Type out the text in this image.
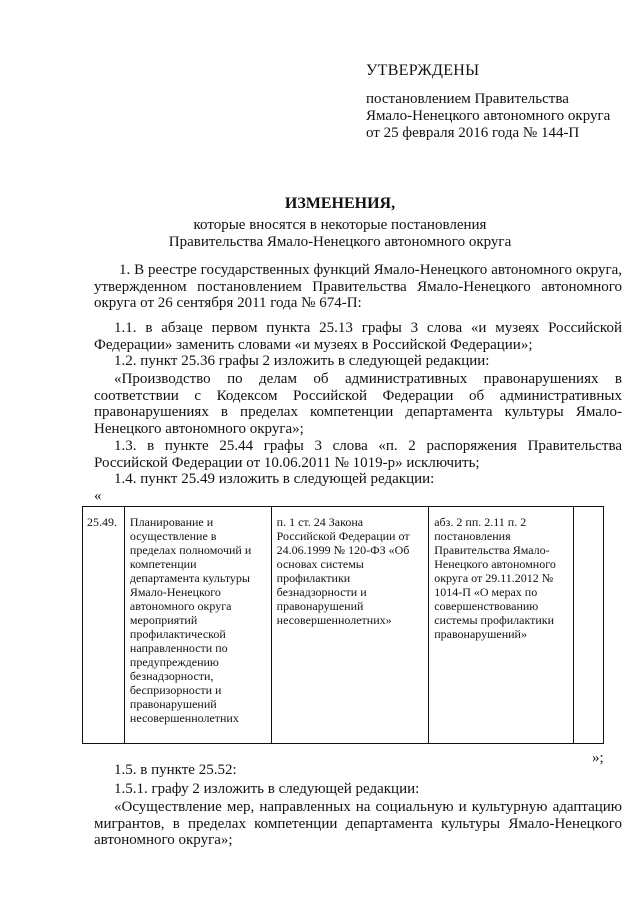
УТВЕРЖДЕНЫ
постановлением Правительства
Ямало-Ненецкого автономного округа
от 25 февраля 2016 года № 144-П
ИЗМЕНЕНИЯ,
которые вносятся в некоторые постановления
Правительства Ямало-Ненецкого автономного округа
1. В реестре государственных функций Ямало-Ненецкого автономного округа, утвержденном постановлением Правительства Ямало-Ненецкого автономного округа от 26 сентября 2011 года № 674-П:
1.1. в абзаце первом пункта 25.13 графы 3 слова «и музеях Российской Федерации» заменить словами «и музеях в Российской Федерации»;
1.2. пункт 25.36 графы 2 изложить в следующей редакции:
«Производство по делам об административных правонарушениях в соответствии с Кодексом Российской Федерации об административных правонарушениях в пределах компетенции департамента культуры Ямало-Ненецкого автономного округа»;
1.3. в пункте 25.44 графы 3 слова «п. 2 распоряжения Правительства Российской Федерации от 10.06.2011 № 1019-р» исключить;
1.4. пункт 25.49 изложить в следующей редакции:
«
25.49.	Планирование и осуществление в пределах полномочий и компетенции департамента культуры Ямало-Ненецкого автономного округа мероприятий профилактической направленности по предупреждению безнадзорности, беспризорности и правонарушений несовершеннолетних	п. 1 ст. 24 Закона Российской Федерации от 24.06.1999 № 120-ФЗ «Об основах системы профилактики безнадзорности и правонарушений несовершеннолетних»	абз. 2 пп. 2.11 п. 2 постановления Правительства Ямало-Ненецкого автономного округа от 29.11.2012 № 1014-П «О мерах по совершенствованию системы профилактики правонарушений»	
»;
1.5. в пункте 25.52:
1.5.1. графу 2 изложить в следующей редакции:
«Осуществление мер, направленных на социальную и культурную адаптацию мигрантов, в пределах компетенции департамента культуры Ямало-Ненецкого автономного округа»;
